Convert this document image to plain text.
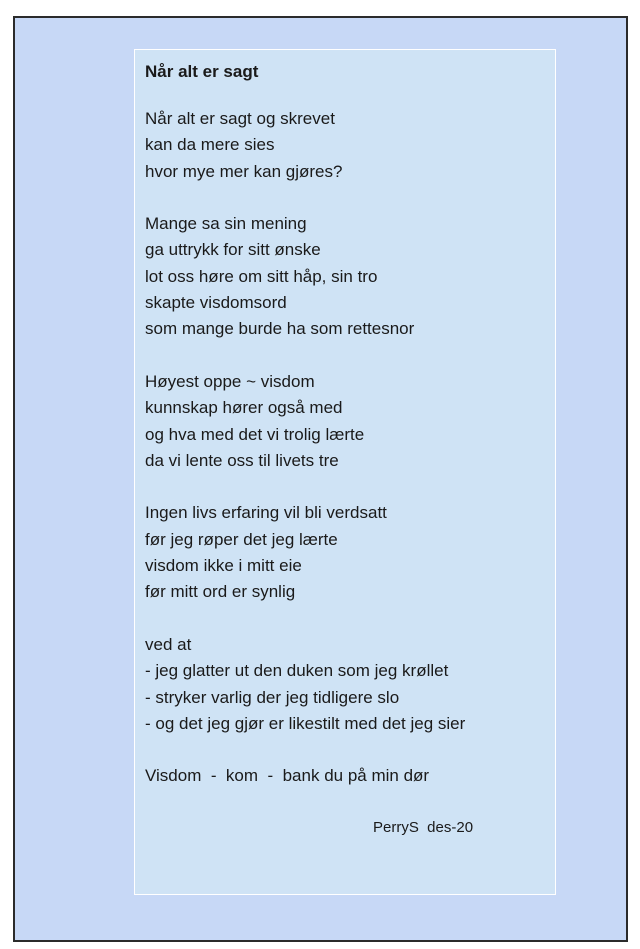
Når alt er sagt
Når alt er sagt og skrevet
kan da mere sies
hvor mye mer kan gjøres?
Mange sa sin mening
ga uttrykk for sitt ønske
lot oss høre om sitt håp, sin tro
skapte visdomsord
som mange burde ha som rettesnor
Høyest oppe ~ visdom
kunnskap hører også med
og hva med det vi trolig lærte
da vi lente oss til livets tre
Ingen livs erfaring vil bli verdsatt
før jeg røper det jeg lærte
visdom ikke i mitt eie
før mitt ord er synlig
ved at
- jeg glatter ut den duken som jeg krøllet
- stryker varlig der jeg tidligere slo
- og det jeg gjør er likestilt med det jeg sier
Visdom  -  kom  -  bank du på min dør
PerryS  des-20
